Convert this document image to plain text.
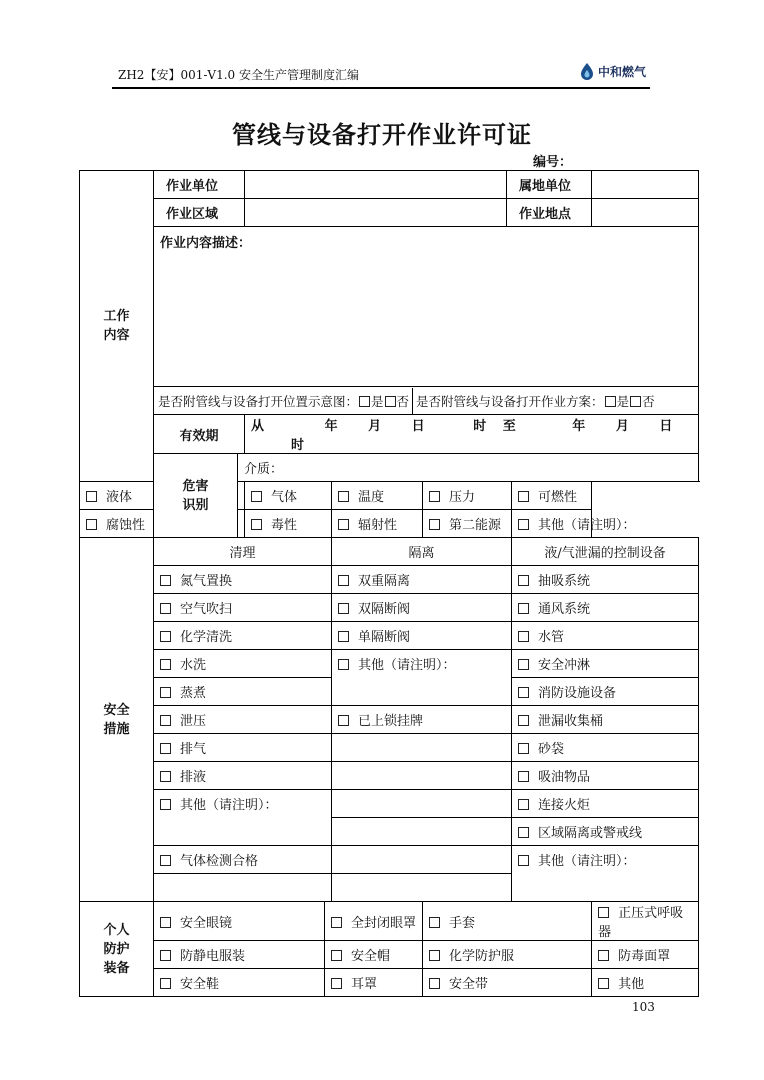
ZH2【安】001-V1.0 安全生产管理制度汇编	中和燃气
管线与设备打开作业许可证
编号：
工作
内容	作业单位						属地单位		
	作业区域						作业地点		
	作业内容描述：								
	是否附管线与设备打开位置示意图： 是 否 是否附管线与设备打开作业方案： 是 否								
	有效期		从 年 月 日 时 至 年 月 日 时						
	危害
识别	介质：							
液体			气体		温度	压力		可燃性	
腐蚀性			毒性		辐射性	第二能源		其他（请注明）：	
安全
措施	清理				隔离			液/气泄漏的控制设备	
	氮气置换				双重隔离			抽吸系统	
	空气吹扫				双隔断阀			通风系统	
	化学清洗				单隔断阀			水管	
	水洗				其他（请注明）：			安全冲淋	
	蒸煮							消防设施设备	
	泄压				已上锁挂牌			泄漏收集桶	
	排气							砂袋	
	排液							吸油物品	
	其他（请注明）：							连接火炬	
								区域隔离或警戒线	
	气体检测合格							其他（请注明）：	

个人
防护
装备	安全眼镜			全封闭眼罩		手套			正压式呼吸器
	防静电服装			安全帽		化学防护服			防毒面罩
	安全鞋			耳罩		安全带			其他
103
